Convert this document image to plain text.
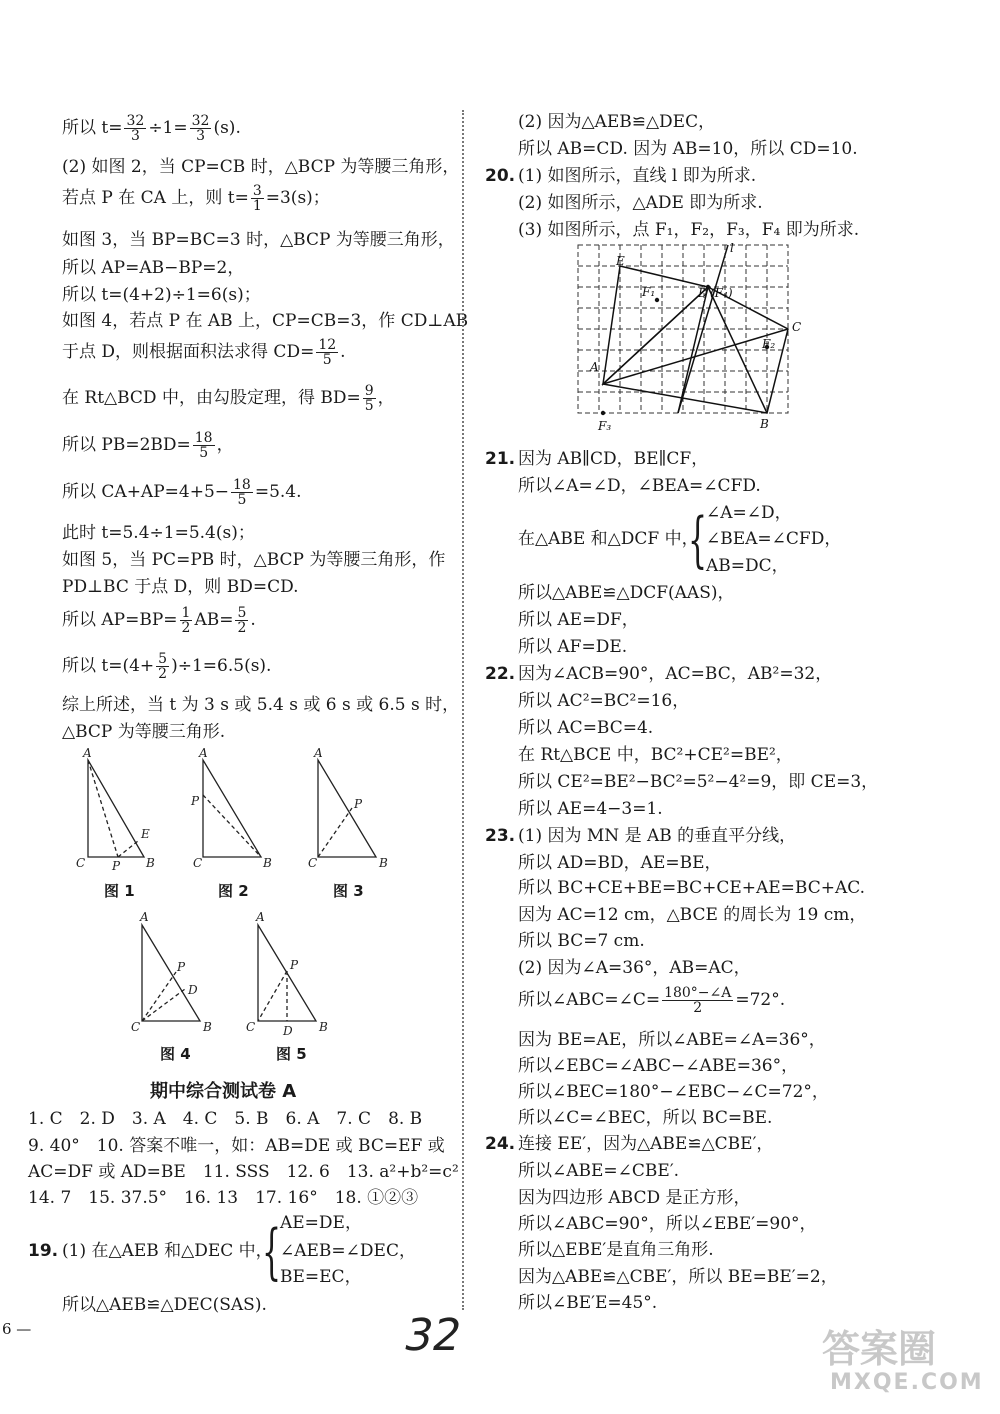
所以 $t= \frac{32}{3} \div 1= \frac{32}{3} (s)$.
(2) 如图 2，当 CP=CB 时，△BCP 为等腰三角形，
若点 P 在 CA 上，则 $t= \frac{3}{1} =3(s)$；
如图 3，当 BP=BC=3 时，△BCP 为等腰三角形，
所以 AP=AB−BP=2，
所以 t=(4+2)÷1=6(s)；
如图 4，若点 P 在 AB 上，CP=CB=3，作 CD⊥AB
于点 D，则根据面积法求得 $CD= \frac{12}{5}$ .
在 Rt△BCD 中，由勾股定理，得 $BD= \frac{9}{5}$ ，
所以 $PB=2BD= \frac{18}{5}$ ，
所以 $CA+AP=4+5- \frac{18}{5} =5.4$.
此时 t=5.4÷1=5.4(s)；
如图 5，当 PC=PB 时，△BCP 为等腰三角形，作
PD⊥BC 于点 D，则 BD=CD.
所以 $AP=BP= \frac{1}{2} AB= \frac{5}{2}$ .
所以 $t=(4+ \frac{5}{2} )\div 1=6.5(s)$.
综上所述，当 t 为 3 s 或 5.4 s 或 6 s 或 6.5 s 时，
△BCP 为等腰三角形.
A
C P B
E
A
P
C	B
A
P
C	B
A
P
D
C	B
A
P
C D B
图 1	图 2	图 3
图 4	图 5
期中综合测试卷 A
1. C　2. D　3. A　4. C　5. B　6. A　7. C　8. B
9. 40°　10. 答案不唯一，如：AB=DE 或 BC=EF 或
AC=DF 或 AD=BE　11. SSS　12. 6　13. a²+b²=c²
14. 7　15. 37.5°　16. 13　17. 16°　18. ①②③
19. (1) 在△AEB 和△DEC 中，
{
AE=DE，
∠AEB=∠DEC，
BE=EC，
所以△AEB≌△DEC(SAS).
(2) 因为△AEB≌△DEC，
所以 AB=CD. 因为 AB=10，所以 CD=10.
20. (1) 如图所示，直线 l 即为所求.
(2) 如图所示，△ADE 即为所求.
(3) 如图所示，点 F₁，F₂，F₃，F₄ 即为所求.
E
l
F₁	D (F₄)
C
F₂
A
F₃	B
21. 因为 AB∥CD，BE∥CF，
所以∠A=∠D，∠BEA=∠CFD.
在△ABE 和△DCF 中，
{
∠A=∠D，
∠BEA=∠CFD，
AB=DC，
所以△ABE≌△DCF(AAS)，
所以 AE=DF，
所以 AF=DE.
22. 因为∠ACB=90°，AC=BC，AB²=32，
所以 AC²=BC²=16，
所以 AC=BC=4.
在 Rt△BCE 中，BC²+CE²=BE²，
所以 CE²=BE²−BC²=5²−4²=9，即 CE=3，
所以 AE=4−3=1.
23. (1) 因为 MN 是 AB 的垂直平分线，
所以 AD=BD，AE=BE，
所以 BC+CE+BE=BC+CE+AE=BC+AC.
因为 AC=12 cm，△BCE 的周长为 19 cm，
所以 BC=7 cm.
(2) 因为∠A=36°，AB=AC，
所以∠ABC=∠C= $\frac{180^\circ-\angle A}{2} =72^\circ$.
因为 BE=AE，所以∠ABE=∠A=36°，
所以∠EBC=∠ABC−∠ABE=36°，
所以∠BEC=180°−∠EBC−∠C=72°，
所以∠C=∠BEC，所以 BC=BE.
24. 连接 EE′，因为△ABE≌△CBE′，
所以∠ABE=∠CBE′.
因为四边形 ABCD 是正方形，
所以∠ABC=90°，所以∠EBE′=90°，
所以△EBE′是直角三角形.
因为△ABE≌△CBE′，所以 BE=BE′=2，
所以∠BE′E=45°.
6 —	32	答案圈
MXQE.COM
